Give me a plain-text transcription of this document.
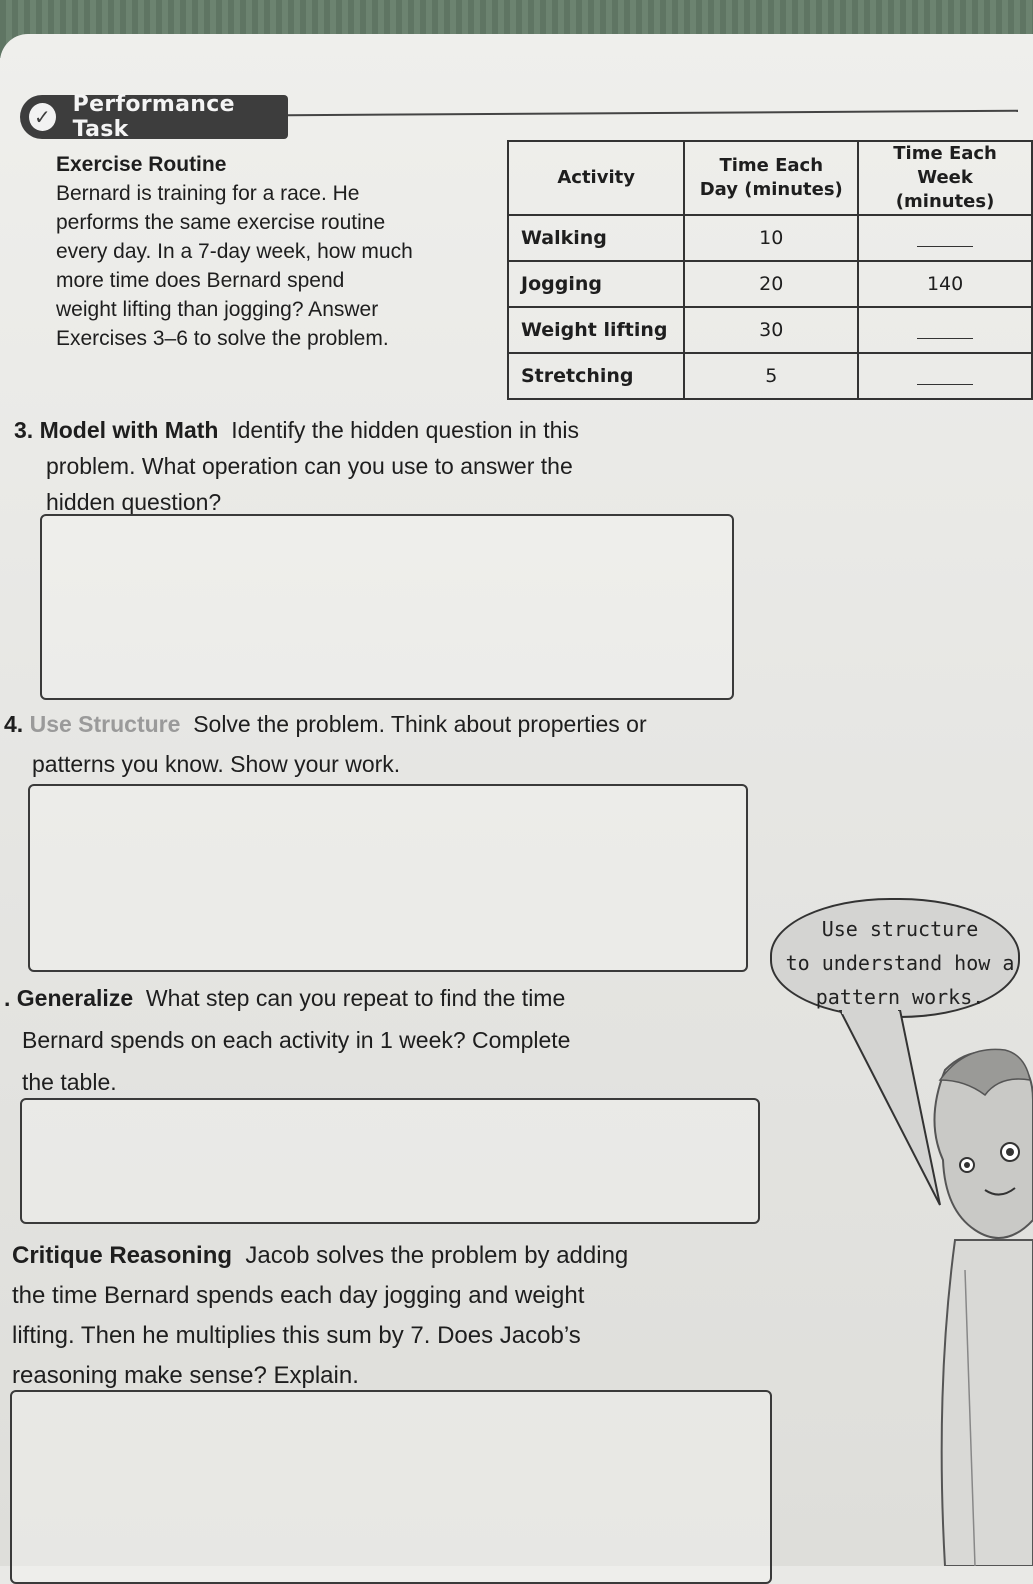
✓ Performance Task
Exercise Routine

Bernard is training for a race. He

performs the same exercise routine

every day. In a 7-day week, how much

more time does Bernard spend

weight lifting than jogging? Answer

Exercises 3–6 to solve the problem.

Activity	Time Each Day (minutes)	Time Each Week (minutes)
Walking	10	
Jogging	20	140
Weight lifting	30	
Stretching	5	
3. Model with Math Identify the hidden question in this
problem. What operation can you use to answer the
hidden question?
4. Use Structure Solve the problem. Think about properties or
patterns you know. Show your work.
Use structure
to understand how a
pattern works.
. Generalize What step can you repeat to find the time
Bernard spends on each activity in 1 week? Complete
the table.
Critique Reasoning Jacob solves the problem by adding
the time Bernard spends each day jogging and weight
lifting. Then he multiplies this sum by 7. Does Jacob’s
reasoning make sense? Explain.
